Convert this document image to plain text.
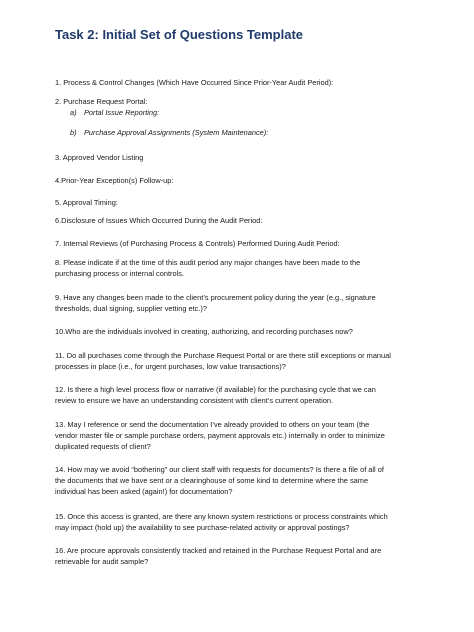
Task 2: Initial Set of Questions Template
1. Process & Control Changes (Which Have Occurred Since Prior-Year Audit Period):
2. Purchase Request Portal:
a) Portal Issue Reporting:
b) Purchase Approval Assignments (System Maintenance):
3. Approved Vendor Listing
4.Prior-Year Exception(s) Follow-up:
5. Approval Timing:
6.Disclosure of Issues Which Occurred During the Audit Period:
7. Internal Reviews (of Purchasing Process & Controls) Performed During Audit Period:
8. Please indicate if at the time of this audit period any major changes have been made to the
purchasing process or internal controls.
9. Have any changes been made to the client’s procurement policy during the year (e.g., signature
thresholds, dual signing, supplier vetting etc.)?
10.Who are the individuals involved in creating, authorizing, and recording purchases now?
11. Do all purchases come through the Purchase Request Portal or are there still exceptions or manual
processes in place (i.e., for urgent purchases, low value transactions)?
12. Is there a high level process flow or narrative (if available) for the purchasing cycle that we can
review to ensure we have an understanding consistent with client’s current operation.
13. May I reference or send the documentation I’ve already provided to others on your team (the
vendor master file or sample purchase orders, payment approvals etc.) internally in order to minimize
duplicated requests of client?
14. How may we avoid “bothering” our client staff with requests for documents? Is there a file of all of
the documents that we have sent or a clearinghouse of some kind to determine where the same
individual has been asked (again!) for documentation?
15. Once this access is granted, are there any known system restrictions or process constraints which
may impact (hold up) the availability to see purchase-related activity or approval postings?
16. Are procure approvals consistently tracked and retained in the Purchase Request Portal and are
retrievable for audit sample?
